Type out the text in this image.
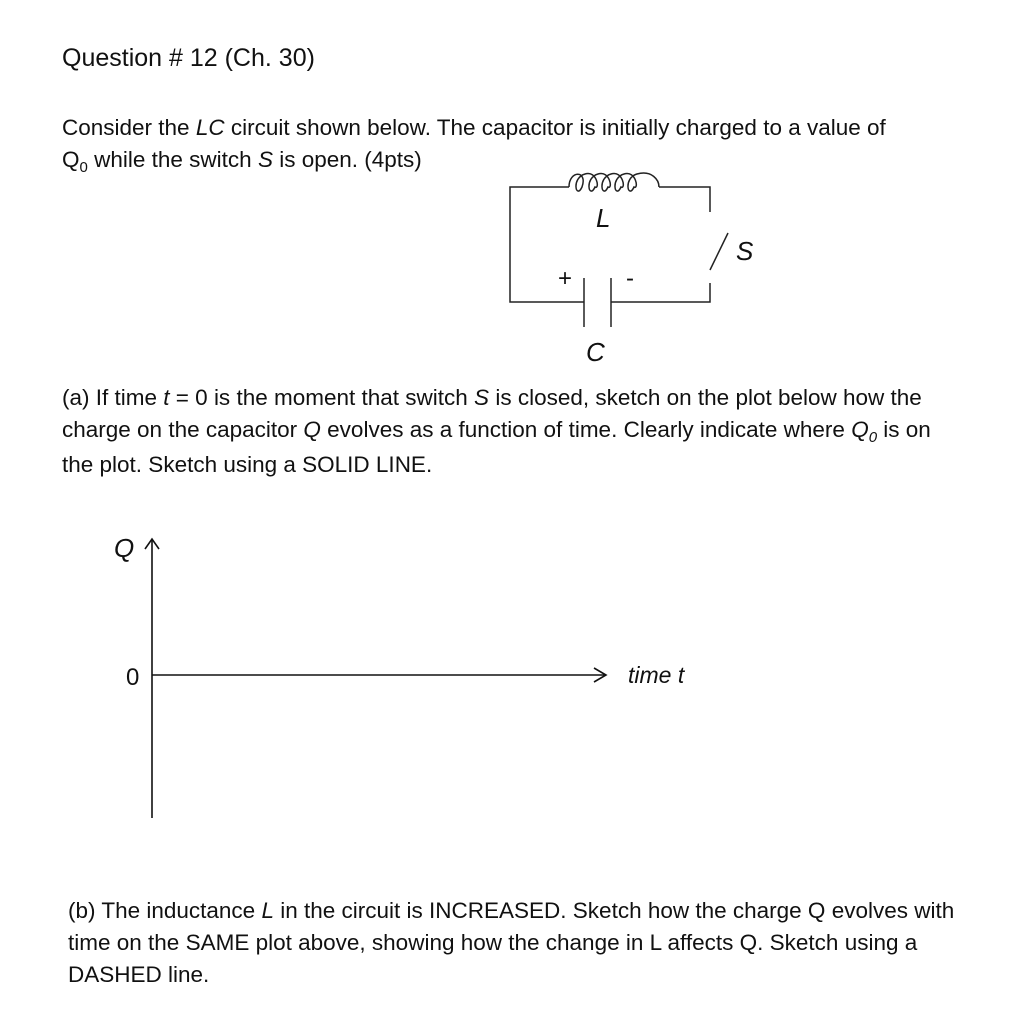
Question # 12 (Ch. 30)
Consider the LC circuit shown below. The capacitor is initially charged to a value of
$Q_0$ while the switch S is open. (4pts)
L
S
+ -
C
(a) If time t = 0 is the moment that switch S is closed, sketch on the plot below how the charge on the capacitor Q evolves as a function of time. Clearly indicate where $Q_0$ is on the plot. Sketch using a SOLID LINE.
Q
0	time t
(b) The inductance L in the circuit is INCREASED. Sketch how the charge Q evolves with time on the SAME plot above, showing how the change in L affects Q. Sketch using a DASHED line.
